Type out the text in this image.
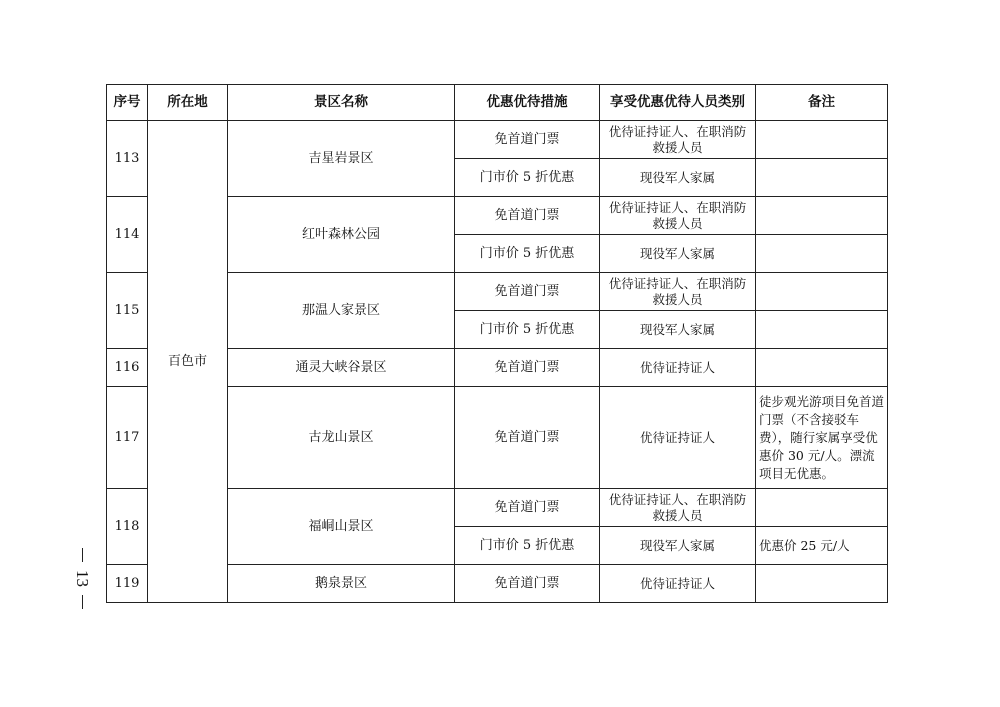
序号	所在地	景区名称	优惠优待措施	享受优惠优待人员类别	备注
113	百色市	吉星岩景区	免首道门票	优待证持证人、在职消防救援人员	
			门市价 5 折优惠	现役军人家属	
114		红叶森林公园	免首道门票	优待证持证人、在职消防救援人员	
			门市价 5 折优惠	现役军人家属	
115		那温人家景区	免首道门票	优待证持证人、在职消防救援人员	
			门市价 5 折优惠	现役军人家属	
116		通灵大峡谷景区	免首道门票	优待证持证人	
117		古龙山景区	免首道门票	优待证持证人	徒步观光游项目免首道门票（不含接驳车费），随行家属享受优惠价 30 元/人。漂流项目无优惠。
118		福峒山景区	免首道门票	优待证持证人、在职消防救援人员	
			门市价 5 折优惠	现役军人家属	优惠价 25 元/人
119		鹅泉景区	免首道门票	优待证持证人	
13
